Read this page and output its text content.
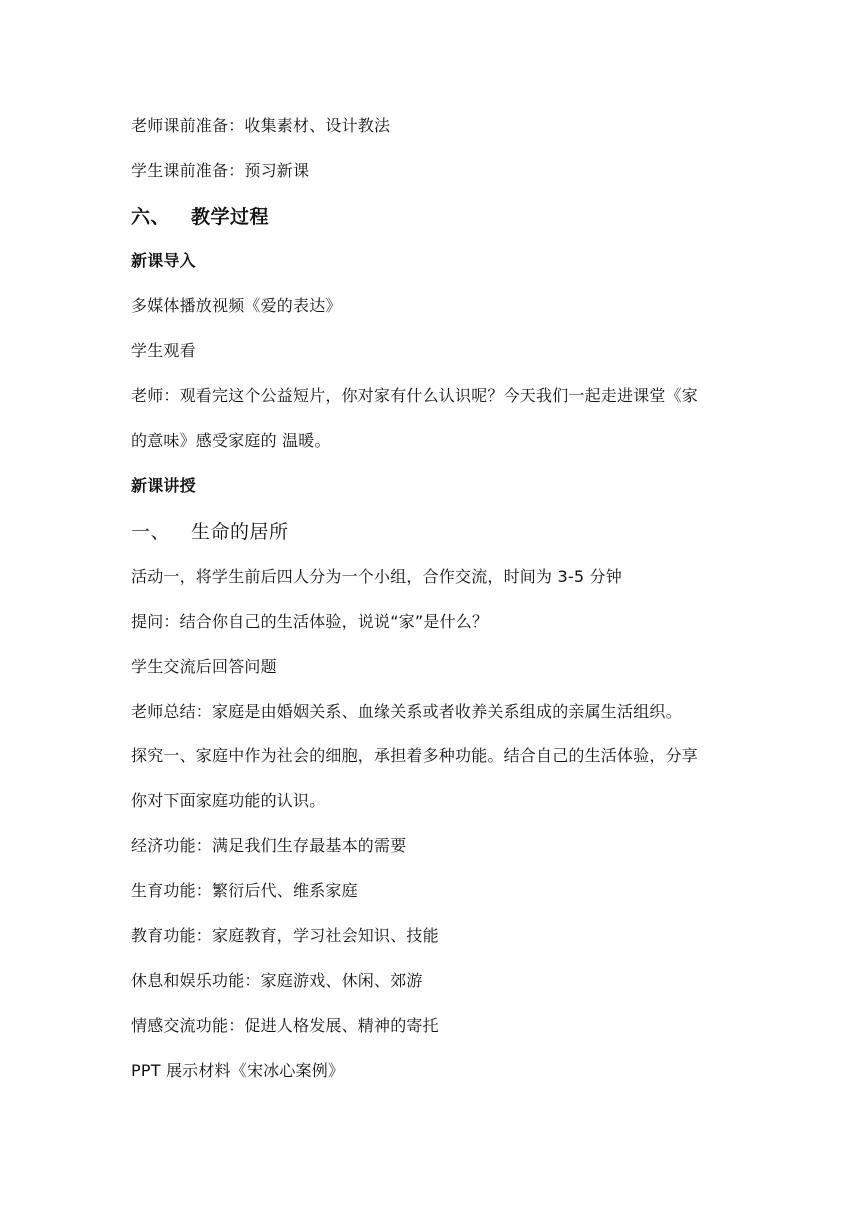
老师课前准备：收集素材、设计教法
学生课前准备：预习新课
六、 教学过程
新课导入
多媒体播放视频《爱的表达》
学生观看
老师：观看完这个公益短片，你对家有什么认识呢？今天我们一起走进课堂《家
的意味》感受家庭的 温暖。
新课讲授
一、 生命的居所
活动一，将学生前后四人分为一个小组，合作交流，时间为 3-5 分钟
提问：结合你自己的生活体验，说说“家”是什么？
学生交流后回答问题
老师总结：家庭是由婚姻关系、血缘关系或者收养关系组成的亲属生活组织。
探究一、家庭中作为社会的细胞，承担着多种功能。结合自己的生活体验，分享
你对下面家庭功能的认识。
经济功能：满足我们生存最基本的需要
生育功能：繁衍后代、维系家庭
教育功能：家庭教育，学习社会知识、技能
休息和娱乐功能：家庭游戏、休闲、郊游
情感交流功能：促进人格发展、精神的寄托
PPT 展示材料《宋冰心案例》
